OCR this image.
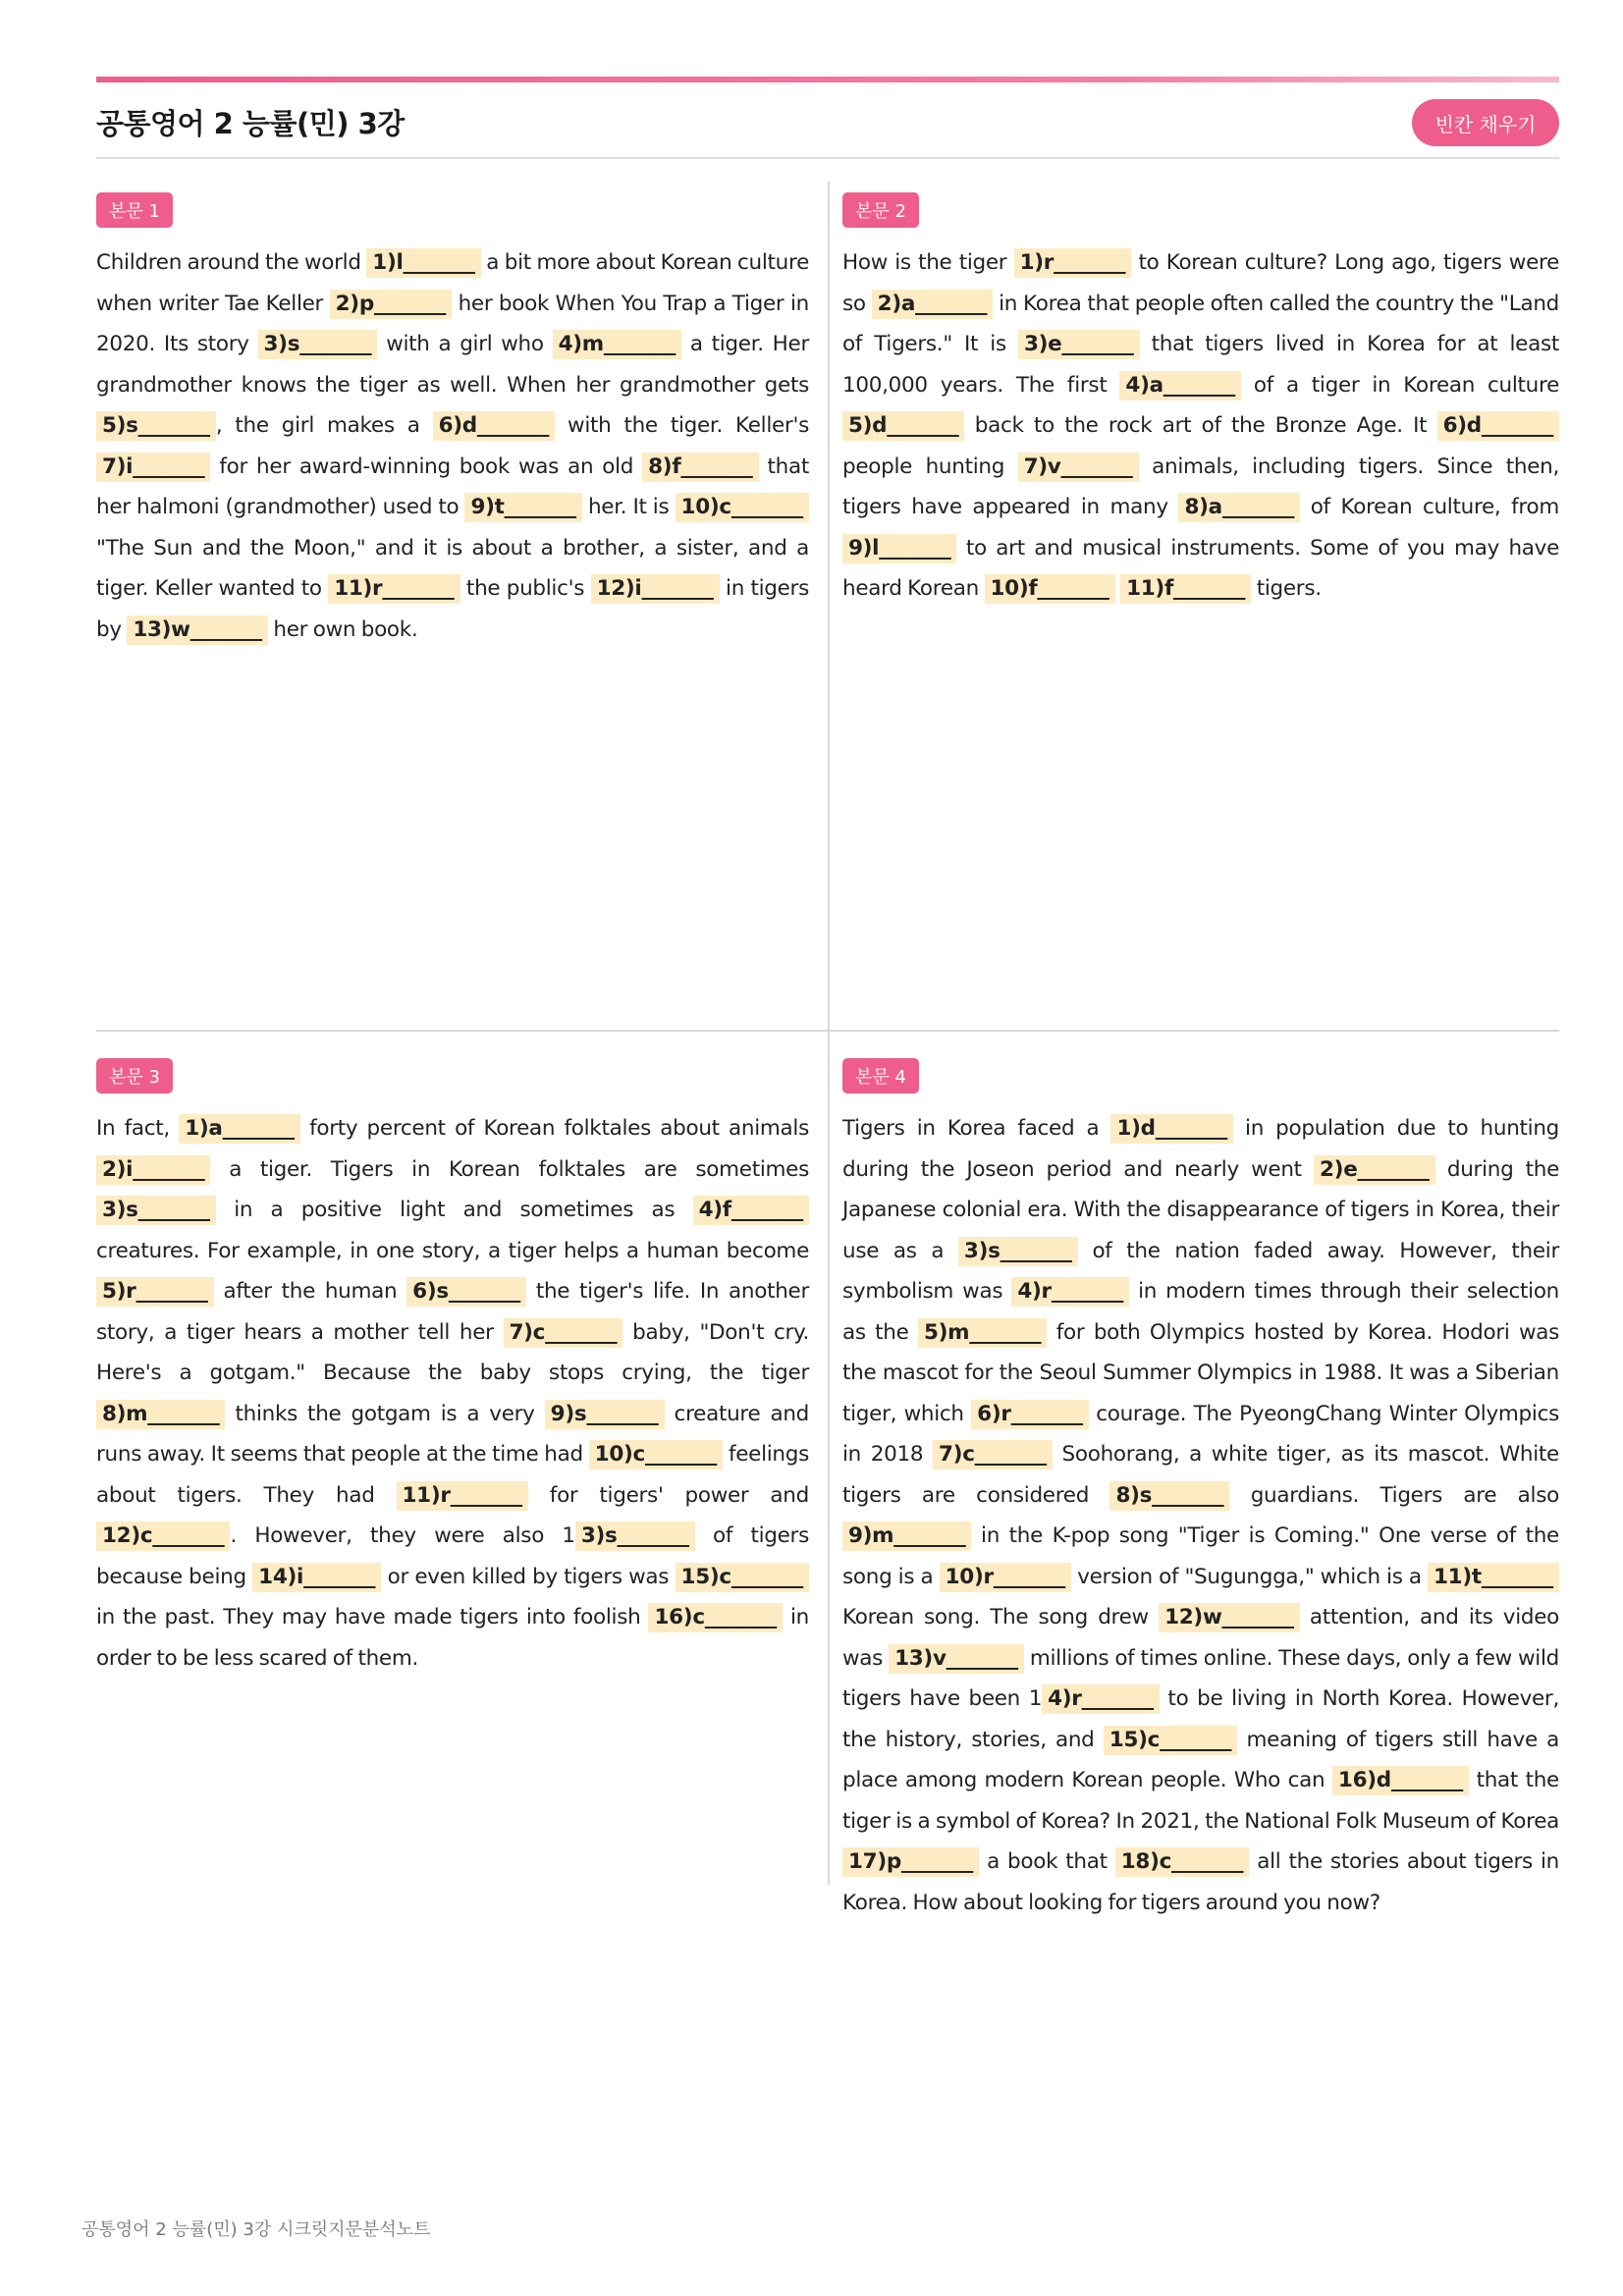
공통영어 2 능률(민) 3강	빈칸 채우기
본문 1
Children around the world 1)l_______ a bit more about Korean culture when writer Tae Keller 2)p_______ her book When You Trap a Tiger in 2020. Its story 3)s_______ with a girl who 4)m_______ a tiger. Her grandmother knows the tiger as well. When her grandmother gets 5)s_______ , the girl makes a 6)d_______ with the tiger. Keller's 7)i_______ for her award-winning book was an old 8)f_______ that her halmoni (grandmother) used to 9)t_______ her. It is 10)c_______ "The Sun and the Moon," and it is about a brother, a sister, and a tiger. Keller wanted to 11)r_______ the public's 12)i_______ in tigers by 13)w_______ her own book.
본문 2
How is the tiger 1)r_______ to Korean culture? Long ago, tigers were so 2)a_______ in Korea that people often called the country the "Land of Tigers." It is 3)e_______ that tigers lived in Korea for at least 100,000 years. The first 4)a_______ of a tiger in Korean culture 5)d_______ back to the rock art of the Bronze Age. It 6)d_______ people hunting 7)v_______ animals, including tigers. Since then, tigers have appeared in many 8)a_______ of Korean culture, from 9)l_______ to art and musical instruments. Some of you may have heard Korean 10)f_______ 11)f_______ tigers.
본문 3
In fact, 1)a_______ forty percent of Korean folktales about animals 2)i_______ a tiger. Tigers in Korean folktales are sometimes 3)s_______ in a positive light and sometimes as 4)f_______ creatures. For example, in one story, a tiger helps a human become 5)r_______ after the human 6)s_______ the tiger's life. In another story, a tiger hears a mother tell her 7)c_______ baby, "Don't cry. Here's a gotgam." Because the baby stops crying, the tiger 8)m_______ thinks the gotgam is a very 9)s_______ creature and runs away. It seems that people at the time had 10)c_______ feelings about tigers. They had 11)r_______ for tigers' power and 12)c_______ . However, they were also 1 3)s_______ of tigers because being 14)i_______ or even killed by tigers was 15)c_______ in the past. They may have made tigers into foolish 16)c_______ in order to be less scared of them.
본문 4
Tigers in Korea faced a 1)d_______ in population due to hunting during the Joseon period and nearly went 2)e_______ during the Japanese colonial era. With the disappearance of tigers in Korea, their use as a 3)s_______ of the nation faded away. However, their symbolism was 4)r_______ in modern times through their selection as the 5)m_______ for both Olympics hosted by Korea. Hodori was the mascot for the Seoul Summer Olympics in 1988. It was a Siberian tiger, which 6)r_______ courage. The PyeongChang Winter Olympics in 2018 7)c_______ Soohorang, a white tiger, as its mascot. White tigers are considered 8)s_______ guardians. Tigers are also 9)m_______ in the K-pop song "Tiger is Coming." One verse of the song is a 10)r_______ version of "Sugungga," which is a 11)t_______ Korean song. The song drew 12)w_______ attention, and its video was 13)v_______ millions of times online. These days, only a few wild tigers have been 1 4)r_______ to be living in North Korea. However, the history, stories, and 15)c_______ meaning of tigers still have a place among modern Korean people. Who can 16)d_______ that the tiger is a symbol of Korea? In 2021, the National Folk Museum of Korea 17)p_______ a book that 18)c_______ all the stories about tigers in Korea. How about looking for tigers around you now?
공통영어 2 능률(민) 3강 시크릿지문분석노트
